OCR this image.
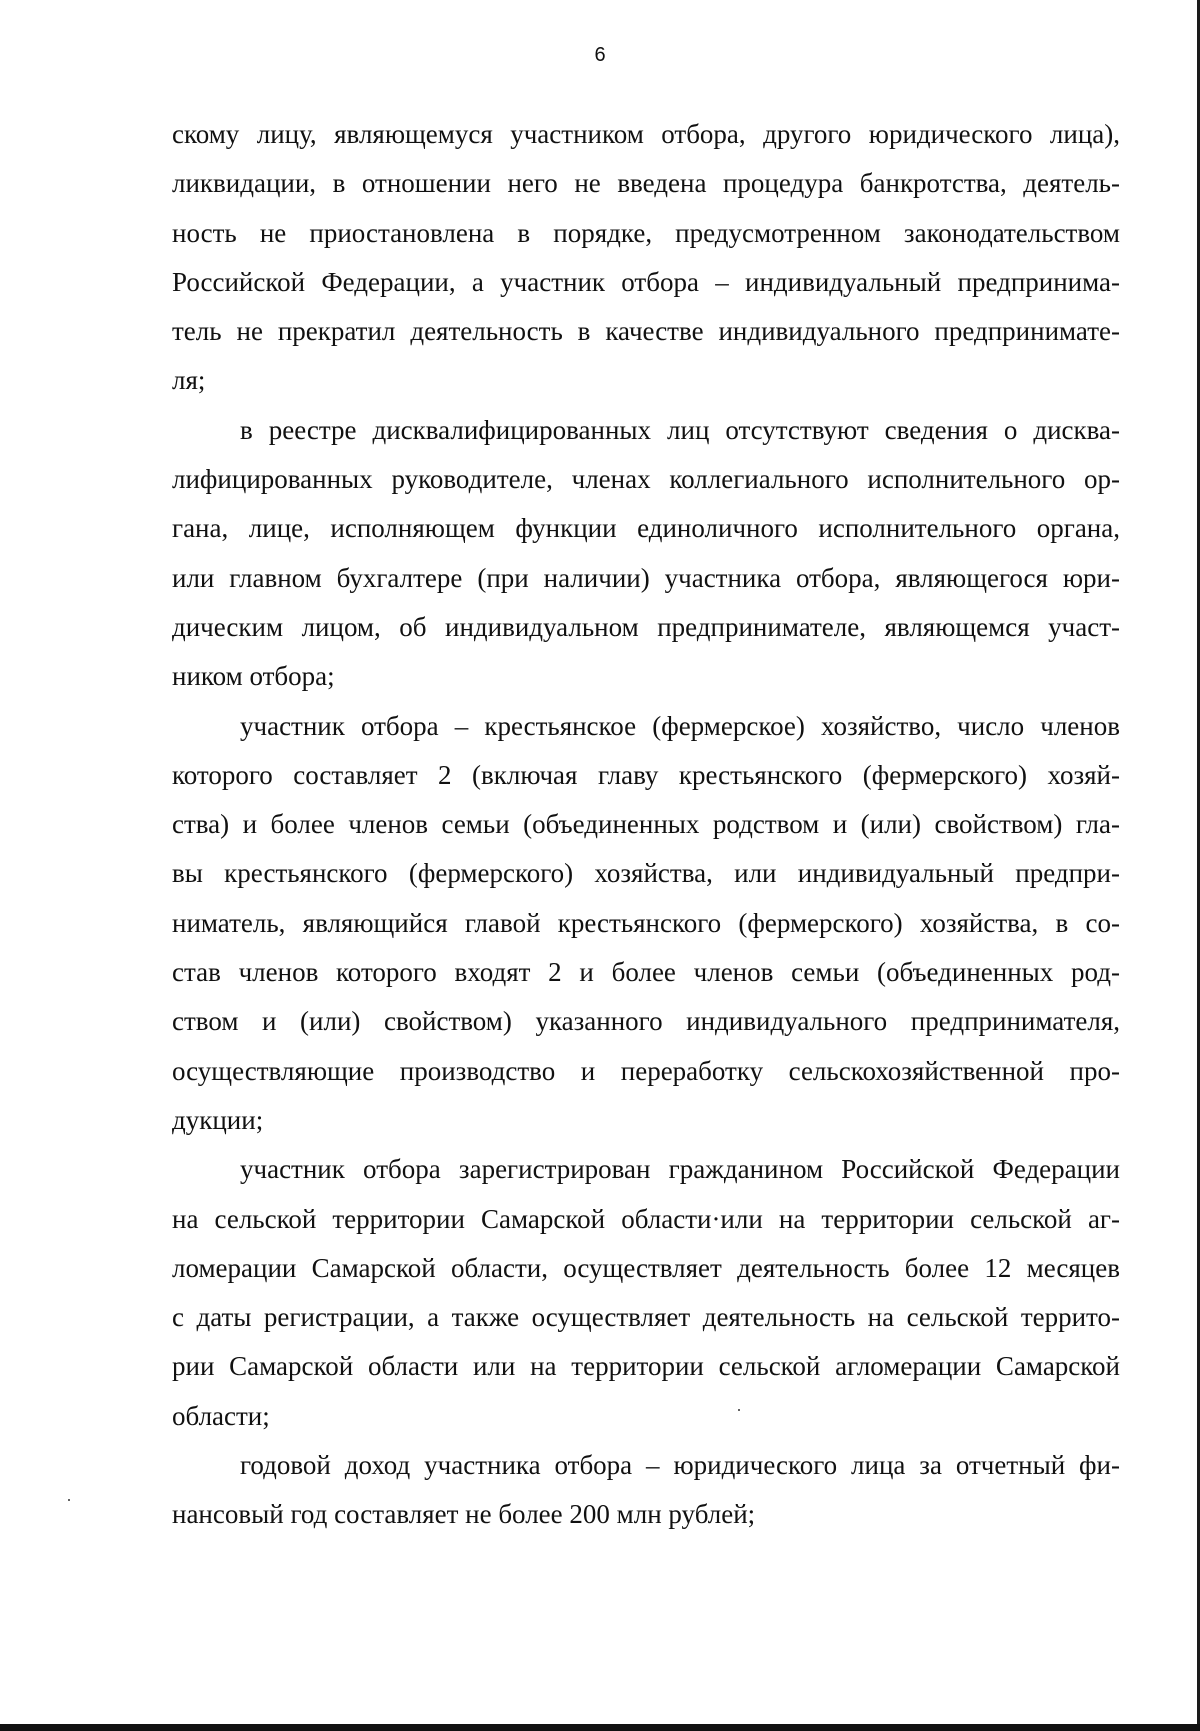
6
скому лицу, являющемуся участником отбора, другого юридического лица),
ликвидации, в отношении него не введена процедура банкротства, деятель-
ность не приостановлена в порядке, предусмотренном законодательством
Российской Федерации, а участник отбора – индивидуальный предпринима-
тель не прекратил деятельность в качестве индивидуального предпринимате-
ля;
в реестре дисквалифицированных лиц отсутствуют сведения о дисква-
лифицированных руководителе, членах коллегиального исполнительного ор-
гана, лице, исполняющем функции единоличного исполнительного органа,
или главном бухгалтере (при наличии) участника отбора, являющегося юри-
дическим лицом, об индивидуальном предпринимателе, являющемся участ-
ником отбора;
участник отбора – крестьянское (фермерское) хозяйство, число членов
которого составляет 2 (включая главу крестьянского (фермерского) хозяй-
ства) и более членов семьи (объединенных родством и (или) свойством) гла-
вы крестьянского (фермерского) хозяйства, или индивидуальный предпри-
ниматель, являющийся главой крестьянского (фермерского) хозяйства, в со-
став членов которого входят 2 и более членов семьи (объединенных род-
ством и (или) свойством) указанного индивидуального предпринимателя,
осуществляющие производство и переработку сельскохозяйственной про-
дукции;
участник отбора зарегистрирован гражданином Российской Федерации
на сельской территории Самарской области·или на территории сельской аг-
ломерации Самарской области, осуществляет деятельность более 12 месяцев
с даты регистрации, а также осуществляет деятельность на сельской террито-
рии Самарской области или на территории сельской агломерации Самарской
области;
годовой доход участника отбора – юридического лица за отчетный фи-
нансовый год составляет не более 200 млн рублей;
